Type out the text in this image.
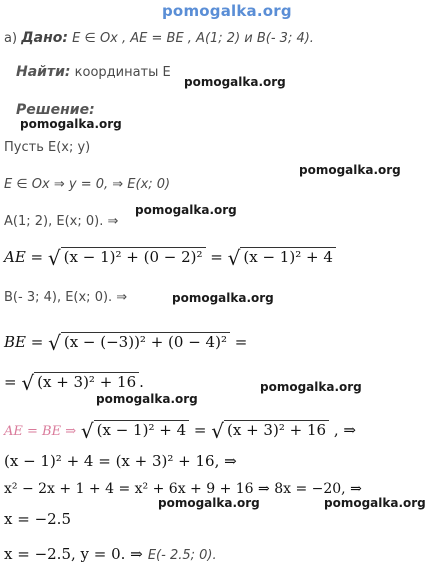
pomogalka.org
а) Дано: E ∈ Ox , AE = BE , A(1; 2) и B(- 3; 4).
Найти: координаты E
pomogalka.org
Решение:
pomogalka.org
Пусть E(x; y)
pomogalka.org
E ∈ Ox ⇒ y = 0, ⇒ E(x; 0)
pomogalka.org
A(1; 2), E(x; 0). ⇒
AE = √ (x − 1)² + (0 − 2)² = √ (x − 1)² + 4
B(- 3; 4), E(x; 0). ⇒	pomogalka.org
BE = √ (x − (−3))² + (0 − 4)² =
= √ (x + 3)² + 16 .	pomogalka.org
pomogalka.org
AE = BE ⇒ √ (x − 1)² + 4 = √ (x + 3)² + 16 , ⇒
(x − 1)² + 4 = (x + 3)² + 16, ⇒
x² − 2x + 1 + 4 = x² + 6x + 9 + 16 ⇒ 8x = −20, ⇒
pomogalka.org	pomogalka.org
x = −2.5
x = −2.5, y = 0. ⇒ E(- 2.5; 0).
